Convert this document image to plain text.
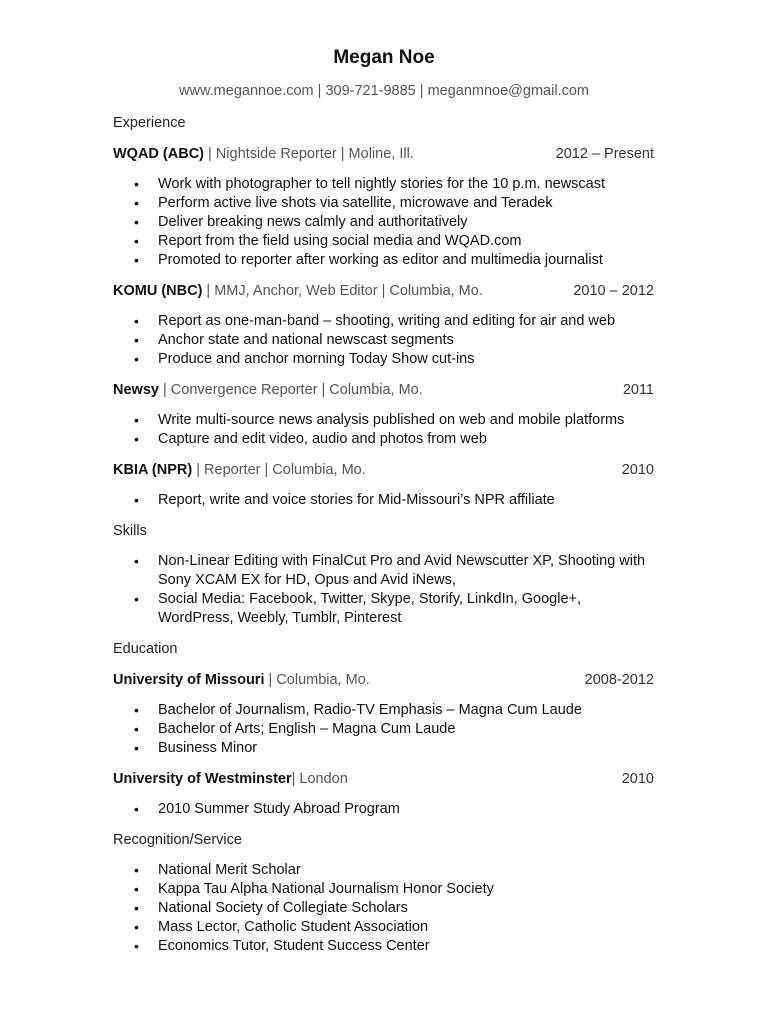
Megan Noe
www.megannoe.com | 309-721-9885 | meganmnoe@gmail.com
Experience
WQAD (ABC) | Nightside Reporter | Moline, Ill.	2012 – Present
• Work with photographer to tell nightly stories for the 10 p.m. newscast
• Perform active live shots via satellite, microwave and Teradek
• Deliver breaking news calmly and authoritatively
• Report from the field using social media and WQAD.com
• Promoted to reporter after working as editor and multimedia journalist
KOMU (NBC) | MMJ, Anchor, Web Editor | Columbia, Mo.	2010 – 2012
• Report as one-man-band – shooting, writing and editing for air and web
• Anchor state and national newscast segments
• Produce and anchor morning Today Show cut-ins
Newsy | Convergence Reporter | Columbia, Mo.	2011
• Write multi-source news analysis published on web and mobile platforms
• Capture and edit video, audio and photos from web
KBIA (NPR) | Reporter | Columbia, Mo.	2010
• Report, write and voice stories for Mid-Missouri’s NPR affiliate
Skills
• Non-Linear Editing with FinalCut Pro and Avid Newscutter XP, Shooting with Sony XCAM EX for HD, Opus and Avid iNews,
• Social Media: Facebook, Twitter, Skype, Storify, LinkdIn, Google+, WordPress, Weebly, Tumblr, Pinterest
Education
University of Missouri | Columbia, Mo.	2008-2012
• Bachelor of Journalism, Radio-TV Emphasis – Magna Cum Laude
• Bachelor of Arts; English – Magna Cum Laude
• Business Minor
University of Westminster| London	2010
• 2010 Summer Study Abroad Program
Recognition/Service
• National Merit Scholar
• Kappa Tau Alpha National Journalism Honor Society
• National Society of Collegiate Scholars
• Mass Lector, Catholic Student Association
• Economics Tutor, Student Success Center
